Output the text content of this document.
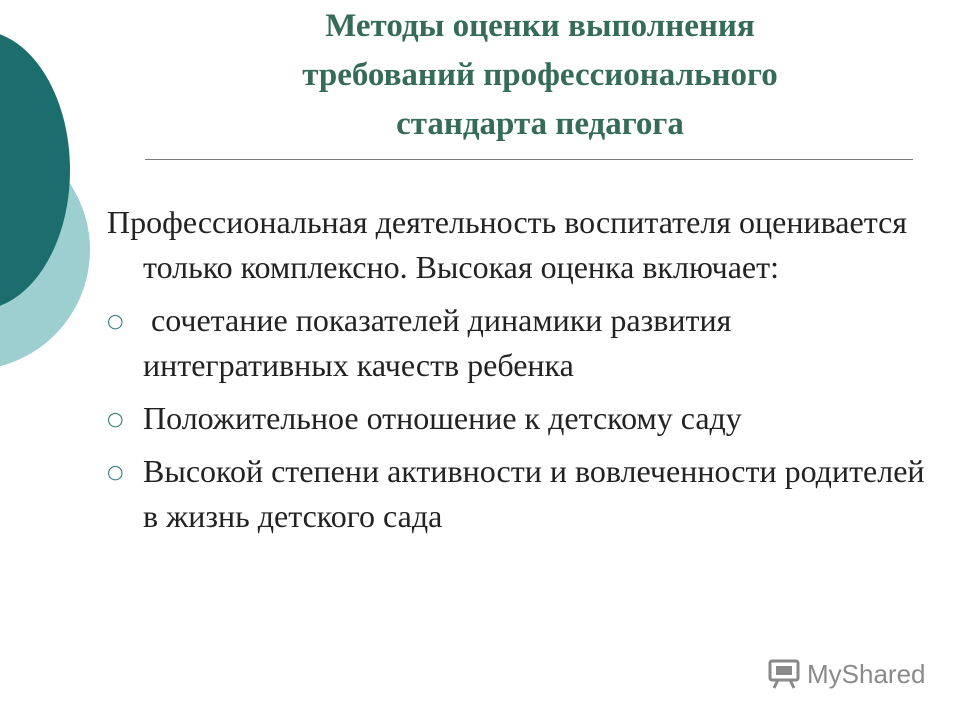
Методы оценки выполнения
требований профессионального
стандарта педагога

Профессиональная деятельность воспитателя оценивается только комплексно. Высокая оценка включает:

○ сочетание показателей динамики развития интегративных качеств ребенка
○ Положительное отношение к детскому саду
○ Высокой степени активности и вовлеченности родителей  в жизнь детского сада
MyShared
